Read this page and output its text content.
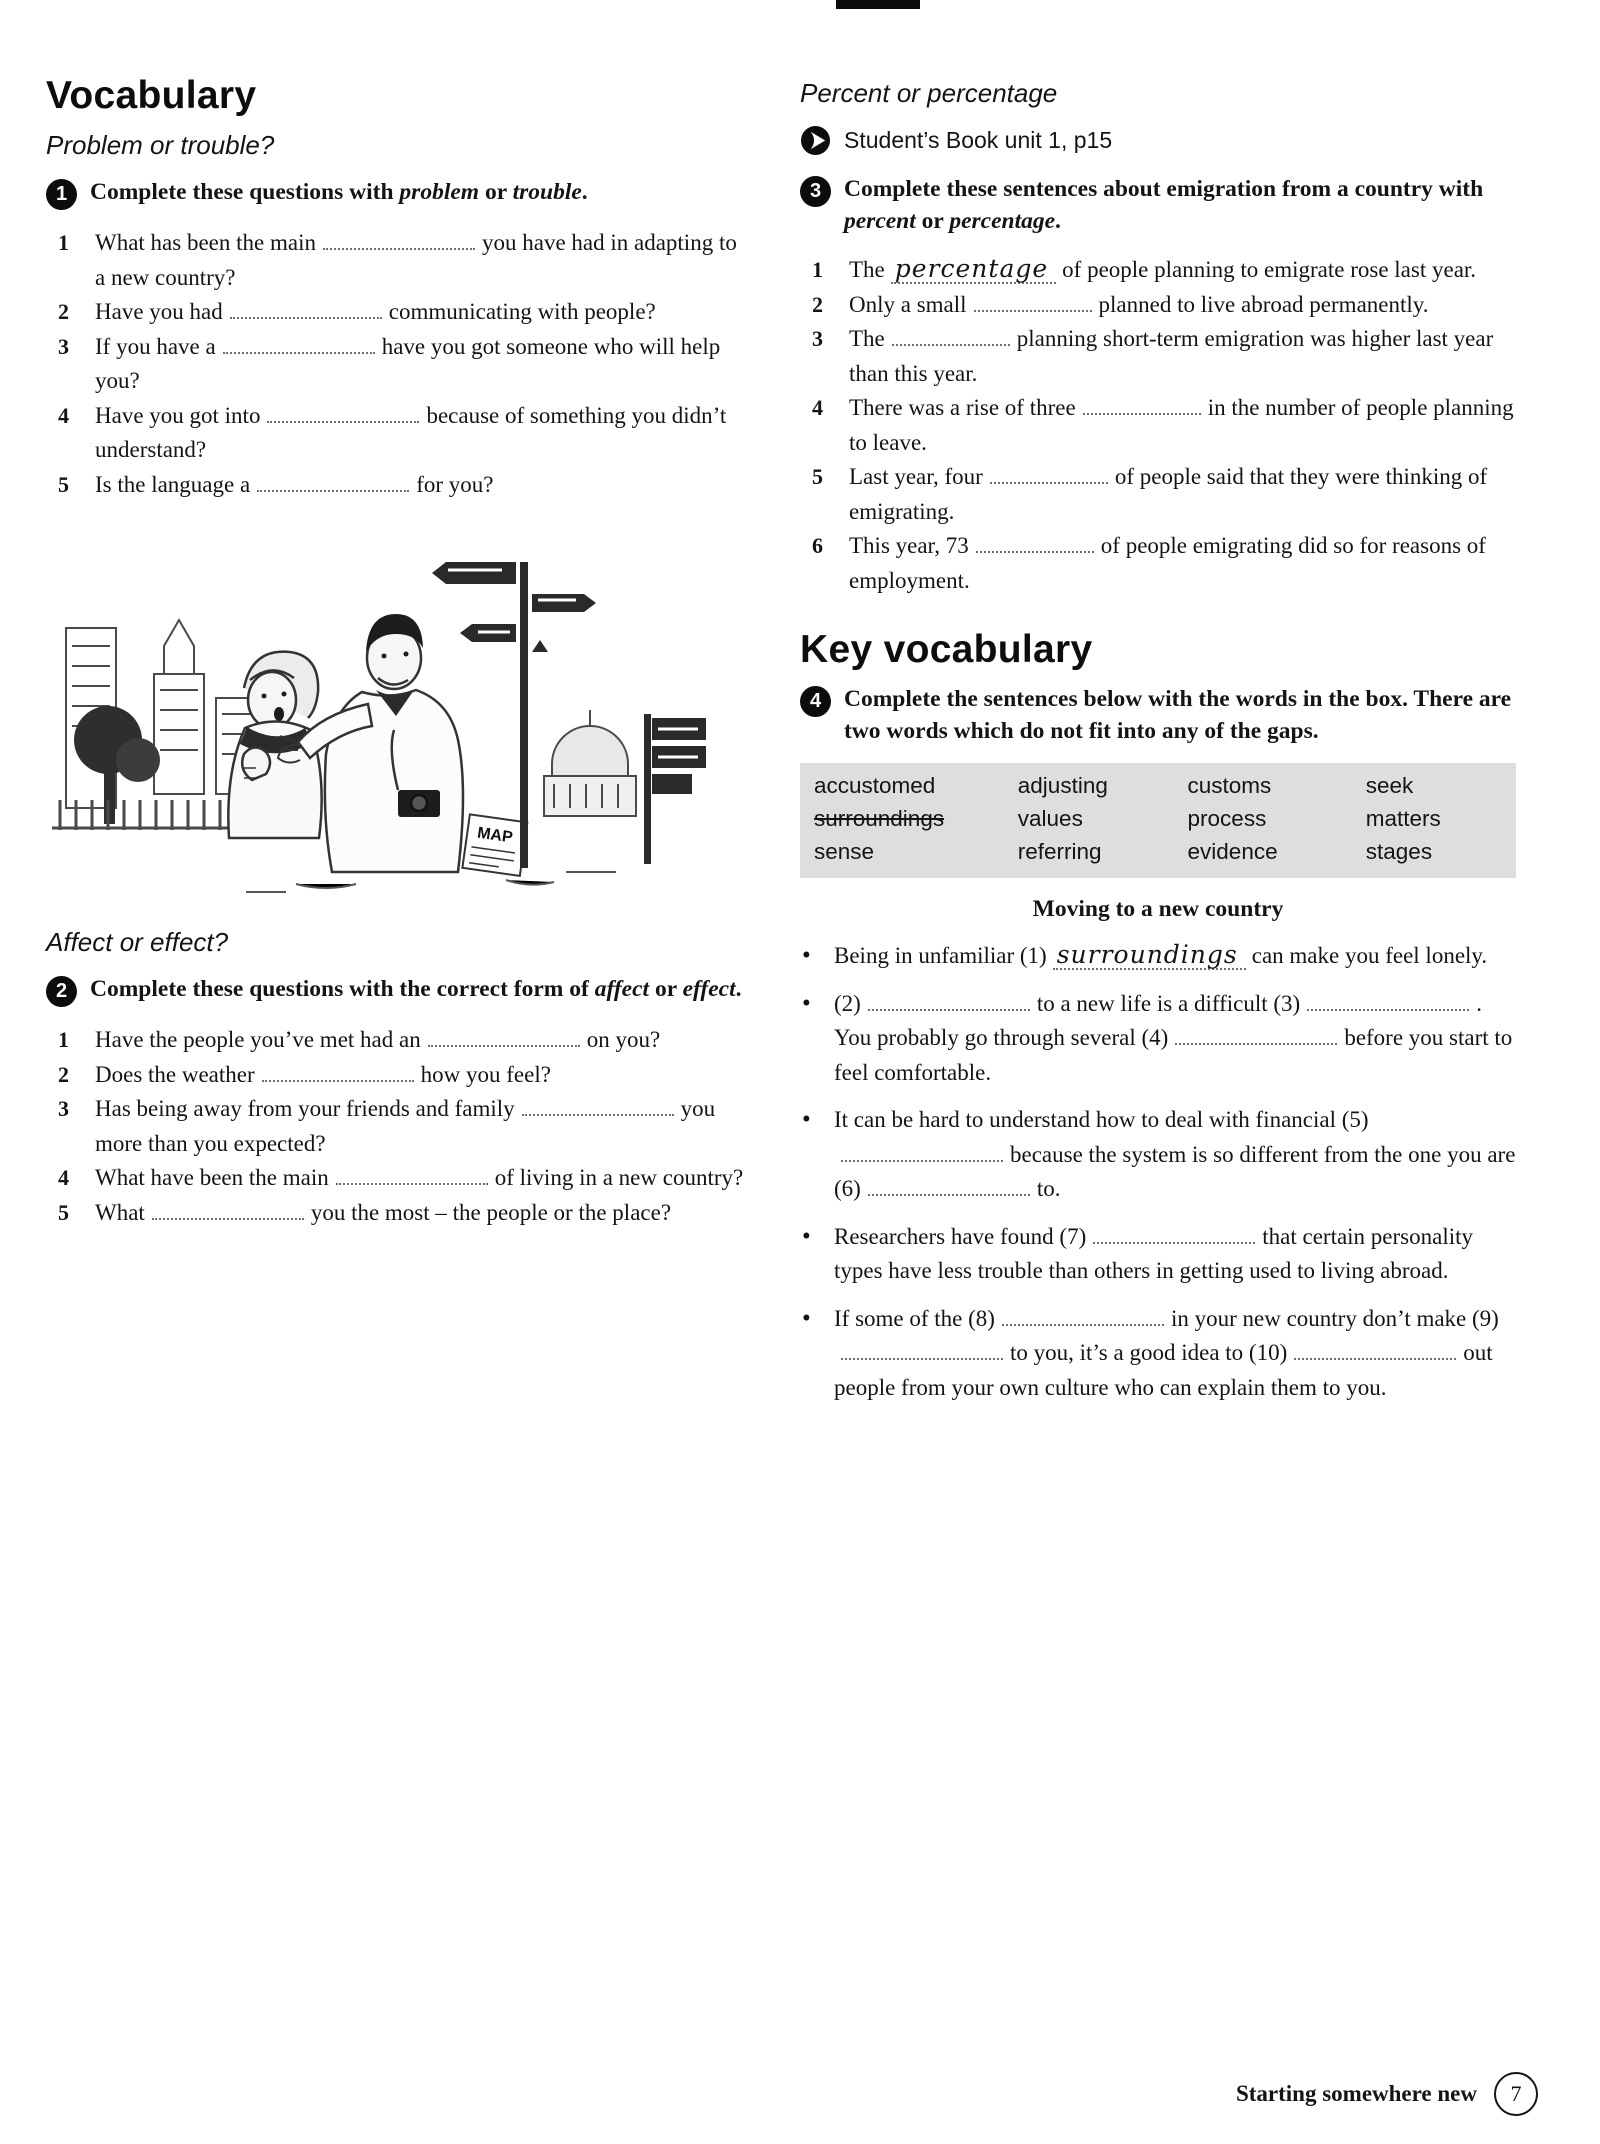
Vocabulary
Problem or trouble?
1 Complete these questions with problem or trouble.
1	What has been the main	you have had in adapting to a new country?
2	Have you had	communicating with people?
3	If you have a	have you got someone who will help you?
4	Have you got into	because of something you didn’t understand?
5	Is the language a	for you?
MAP
Affect or effect?
2 Complete these questions with the correct form of affect or effect.
1	Have the people you’ve met had an	on you?
2	Does the weather	how you feel?
3	Has being away from your friends and family	you more than you expected?
4	What have been the main	of living in a new country?
5	What	you the most – the people or the place?
Percent or percentage
Student’s Book unit 1, p15
3 Complete these sentences about emigration from a country with percent or percentage.
1	The percentage of people planning to emigrate rose last year.
2	Only a small	planned to live abroad permanently.
3	The	planning short-term emigration was higher last year than this year.
4	There was a rise of three	in the number of people planning to leave.
5	Last year, four	of people said that they were thinking of emigrating.
6	This year, 73	of people emigrating did so for reasons of employment.
Key vocabulary
4 Complete the sentences below with the words in the box. There are two words which do not fit into any of the gaps.
accustomed	adjusting	customs	seek
surroundings	values	process	matters
sense	referring	evidence	stages
Moving to a new country
• Being in unfamiliar (1) surroundings can make you feel lonely.
• (2)	to a new life is a difficult (3)	. You probably go through several (4)	before you start to feel comfortable.
• It can be hard to understand how to deal with financial (5)because the system is so different from the one you are (6)	to.
• Researchers have found (7)	that certain personality types have less trouble than others in getting used to living abroad.
• If some of the (8)	in your new country don’t make (9)to you, it’s a good idea to (10)	out people from your own culture who can explain them to you.
Starting somewhere new	7
